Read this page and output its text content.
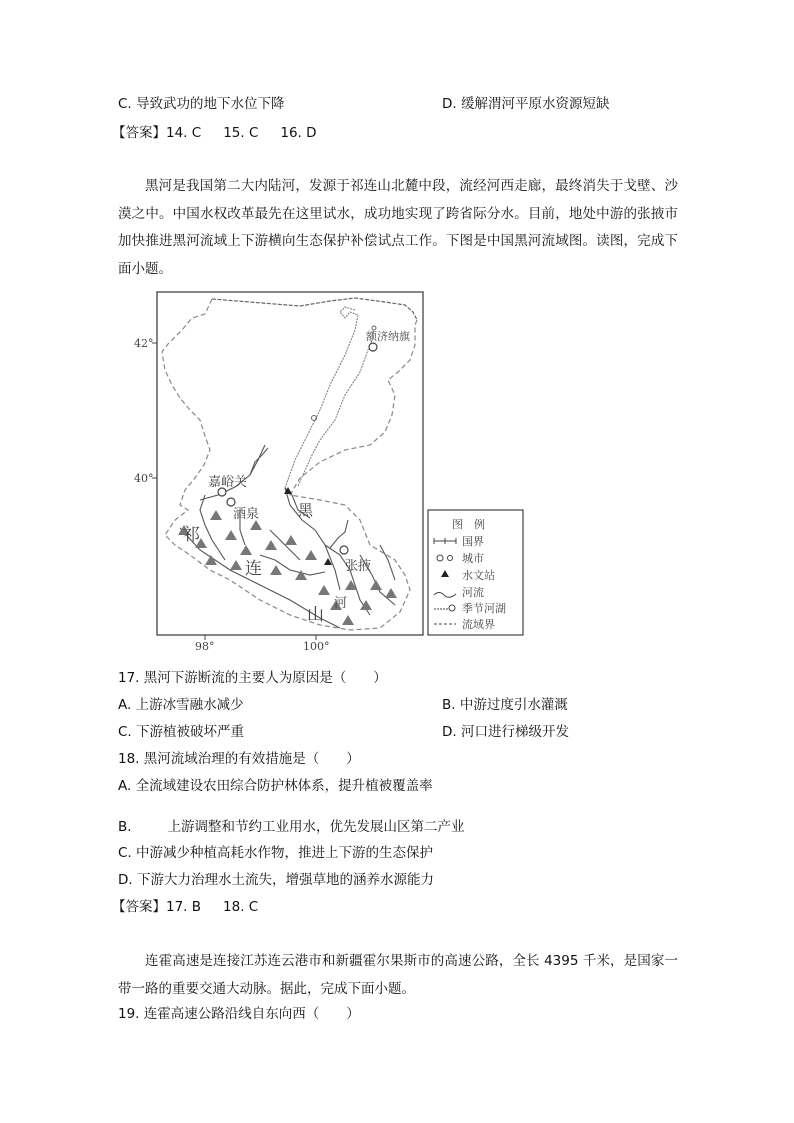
C. 导致武功的地下水位下降	D. 缓解渭河平原水资源短缺
【答案】14. C 15. C 16. D
黑河是我国第二大内陆河，发源于祁连山北麓中段，流经河西走廊，最终消失于戈壁、沙漠之中。中国水权改革最先在这里试水，成功地实现了跨省际分水。目前，地处中游的张掖市加快推进黑河流域上下游横向生态保护补偿试点工作。下图是中国黑河流域图。读图，完成下面小题。
额济纳旗
嘉峪关
酒泉
张掖
黑
河
祁
连
山
42°
40°
98°	100°
图　例
国界
城市
水文站
河流
季节河湖
流域界
17. 黑河下游断流的主要人为原因是（　　）
A. 上游冰雪融水减少	B. 中游过度引水灌溉
C. 下游植被破坏严重	D. 河口进行梯级开发
18. 黑河流域治理的有效措施是（　　）
A. 全流域建设农田综合防护林体系，提升植被覆盖率
B.	上游调整和节约工业用水，优先发展山区第二产业
C. 中游减少种植高耗水作物，推进上下游的生态保护
D. 下游大力治理水土流失，增强草地的涵养水源能力
【答案】17. B 18. C
连霍高速是连接江苏连云港市和新疆霍尔果斯市的高速公路，全长 4395 千米，是国家一带一路的重要交通大动脉。据此，完成下面小题。
19. 连霍高速公路沿线自东向西（　　）
